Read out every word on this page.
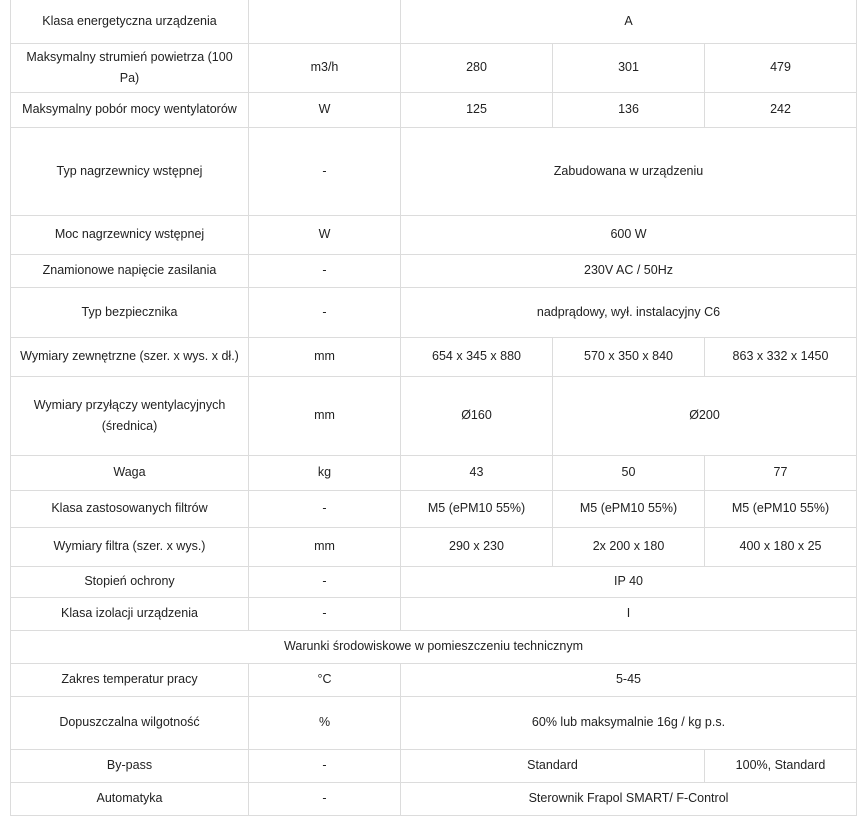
Klasa energetyczna urządzenia		A		
Maksymalny strumień powietrza (100 Pa)	m3/h	280	301	479
Maksymalny pobór mocy wentylatorów	W	125	136	242
Typ nagrzewnicy wstępnej	-	Zabudowana w urządzeniu		
Moc nagrzewnicy wstępnej	W	600 W		
Znamionowe napięcie zasilania	-	230V AC / 50Hz		
Typ bezpiecznika	-	nadprądowy, wył. instalacyjny C6		
Wymiary zewnętrzne (szer. x wys. x dł.)	mm	654 x 345 x 880	570 x 350 x 840	863 x 332 x 1450
Wymiary przyłączy wentylacyjnych (średnica)	mm	Ø160	Ø200	
Waga	kg	43	50	77
Klasa zastosowanych filtrów	-	M5 (ePM10 55%)	M5 (ePM10 55%)	M5 (ePM10 55%)
Wymiary filtra (szer. x wys.)	mm	290 x 230	2x 200 x 180	400 x 180 x 25
Stopień ochrony	-	IP 40		
Klasa izolacji urządzenia	-	I		
Warunki środowiskowe w pomieszczeniu technicznym				
Zakres temperatur pracy	°C	5-45		
Dopuszczalna wilgotność	%	60% lub maksymalnie 16g / kg p.s.		
By-pass	-	Standard		100%, Standard
Automatyka	-	Sterownik Frapol SMART/ F-Control		
